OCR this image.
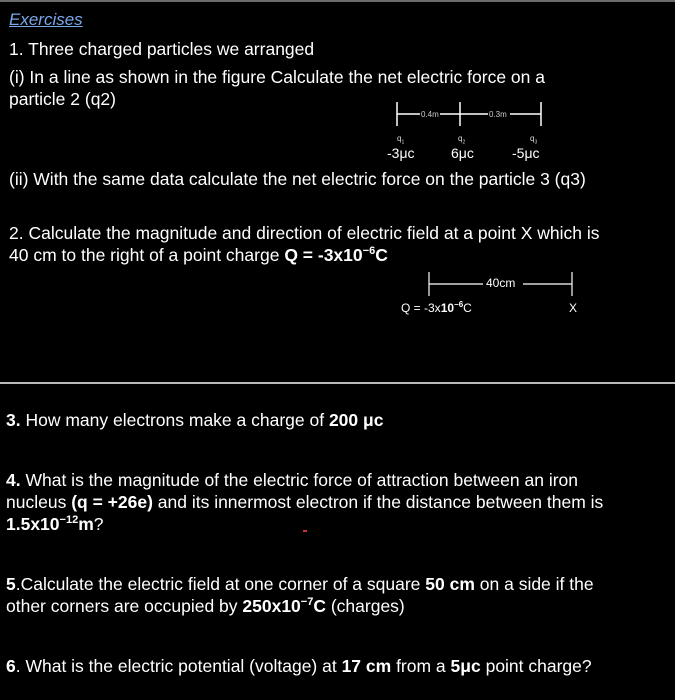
Exercises
1. Three charged particles we arranged
(i) In a line as shown in the figure Calculate the net electric force on a
particle 2 (q2)
0.4m	0.3m
$q_1$	$q_2$	$q_3$
-3μc	6μc	-5μc
(ii) With the same data calculate the net electric force on the particle 3 (q3)
2. Calculate the magnitude and direction of electric field at a point X which is
40 cm to the right of a point charge $Q = -3x10^{-6}C$
40cm
$Q = -3x10^{-6}C$	X
3. How many electrons make a charge of 200 μc
4. What is the magnitude of the electric force of attraction between an iron
nucleus (q = +26e) and its innermost electron if the distance between them is
$1.5x10^{-12}m$?
5.Calculate the electric field at one corner of a square 50 cm on a side if the
other corners are occupied by $250x10^{-7}C$ (charges)
6. What is the electric potential (voltage) at 17 cm from a 5μc point charge?
